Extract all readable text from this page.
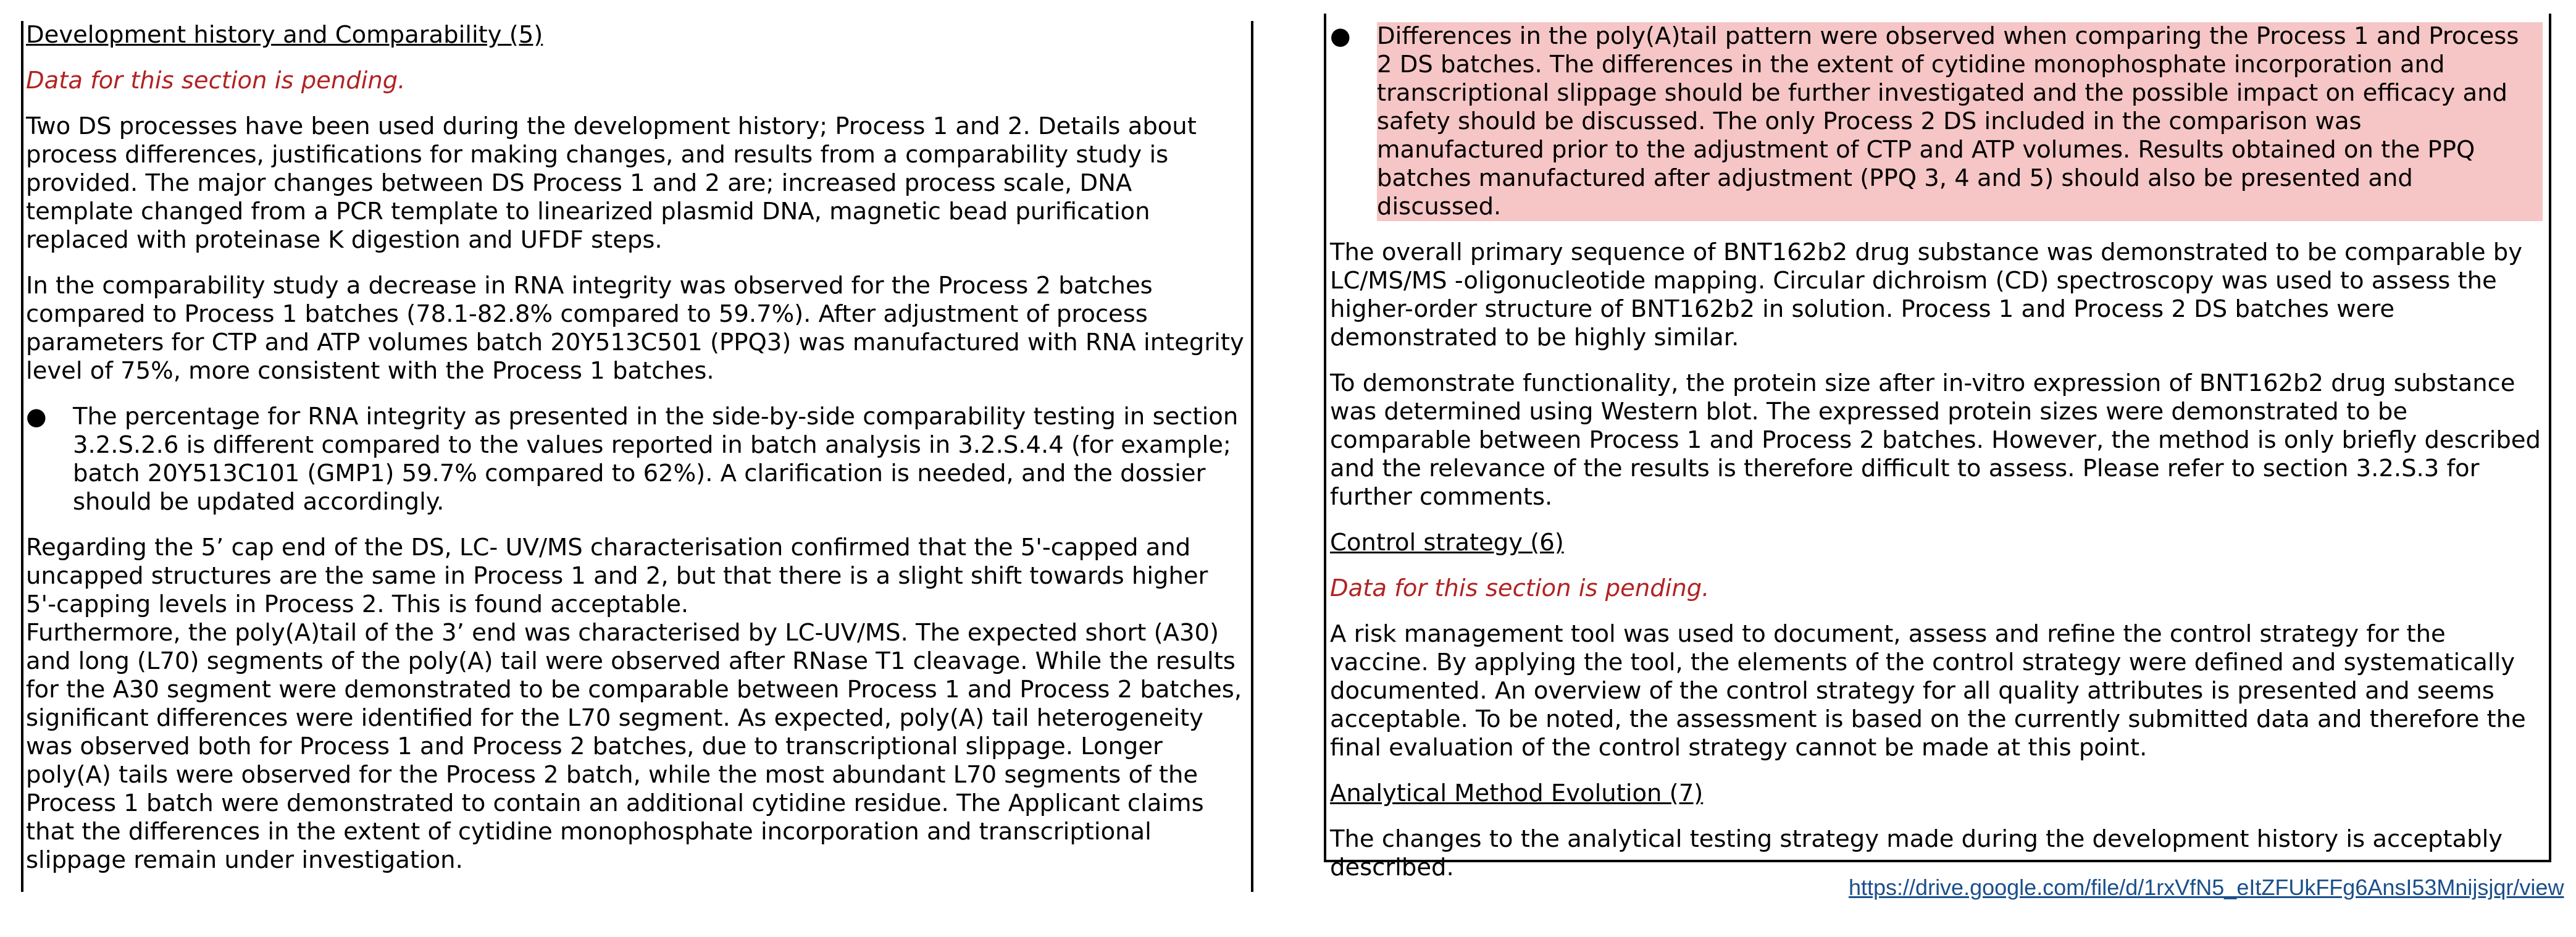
Development history and Comparability (5)

Data for this section is pending.

Two DS processes have been used during the development history; Process 1 and 2. Details about process differences, justifications for making changes, and results from a comparability study is provided. The major changes between DS Process 1 and 2 are; increased process scale, DNA template changed from a PCR template to linearized plasmid DNA, magnetic bead purification replaced with proteinase K digestion and UFDF steps.

In the comparability study a decrease in RNA integrity was observed for the Process 2 batches compared to Process 1 batches (78.1-82.8% compared to 59.7%). After adjustment of process parameters for CTP and ATP volumes batch 20Y513C501 (PPQ3) was manufactured with RNA integrity level of 75%, more consistent with the Process 1 batches.

● The percentage for RNA integrity as presented in the side-by-side comparability testing in section 3.2.S.2.6 is different compared to the values reported in batch analysis in 3.2.S.4.4 (for example; batch 20Y513C101 (GMP1) 59.7% compared to 62%). A clarification is needed, and the dossier should be updated accordingly.

Regarding the 5’ cap end of the DS, LC- UV/MS characterisation confirmed that the 5'-capped and uncapped structures are the same in Process 1 and 2, but that there is a slight shift towards higher 5'-capping levels in Process 2. This is found acceptable.

Furthermore, the poly(A)tail of the 3’ end was characterised by LC-UV/MS. The expected short (A30) and long (L70) segments of the poly(A) tail were observed after RNase T1 cleavage. While the results for the A30 segment were demonstrated to be comparable between Process 1 and Process 2 batches, significant differences were identified for the L70 segment. As expected, poly(A) tail heterogeneity was observed both for Process 1 and Process 2 batches, due to transcriptional slippage. Longer poly(A) tails were observed for the Process 2 batch, while the most abundant L70 segments of the Process 1 batch were demonstrated to contain an additional cytidine residue. The Applicant claims that the differences in the extent of cytidine monophosphate incorporation and transcriptional slippage remain under investigation.

● Differences in the poly(A)tail pattern were observed when comparing the Process 1 and Process 2 DS batches. The differences in the extent of cytidine monophosphate incorporation and transcriptional slippage should be further investigated and the possible impact on efficacy and safety should be discussed. The only Process 2 DS included in the comparison was manufactured prior to the adjustment of CTP and ATP volumes. Results obtained on the PPQ batches manufactured after adjustment (PPQ 3, 4 and 5) should also be presented and discussed.

The overall primary sequence of BNT162b2 drug substance was demonstrated to be comparable by LC/MS/MS -oligonucleotide mapping. Circular dichroism (CD) spectroscopy was used to assess the higher-order structure of BNT162b2 in solution. Process 1 and Process 2 DS batches were demonstrated to be highly similar.

To demonstrate functionality, the protein size after in-vitro expression of BNT162b2 drug substance was determined using Western blot. The expressed protein sizes were demonstrated to be comparable between Process 1 and Process 2 batches. However, the method is only briefly described and the relevance of the results is therefore difficult to assess. Please refer to section 3.2.S.3 for further comments.

Control strategy (6)

Data for this section is pending.

A risk management tool was used to document, assess and refine the control strategy for the vaccine. By applying the tool, the elements of the control strategy were defined and systematically documented. An overview of the control strategy for all quality attributes is presented and seems acceptable. To be noted, the assessment is based on the currently submitted data and therefore the final evaluation of the control strategy cannot be made at this point.

Analytical Method Evolution (7)

The changes to the analytical testing strategy made during the development history is acceptably described.

https://drive.google.com/file/d/1rxVfN5_eItZFUkFFg6AnsI53Mnijsjqr/view
